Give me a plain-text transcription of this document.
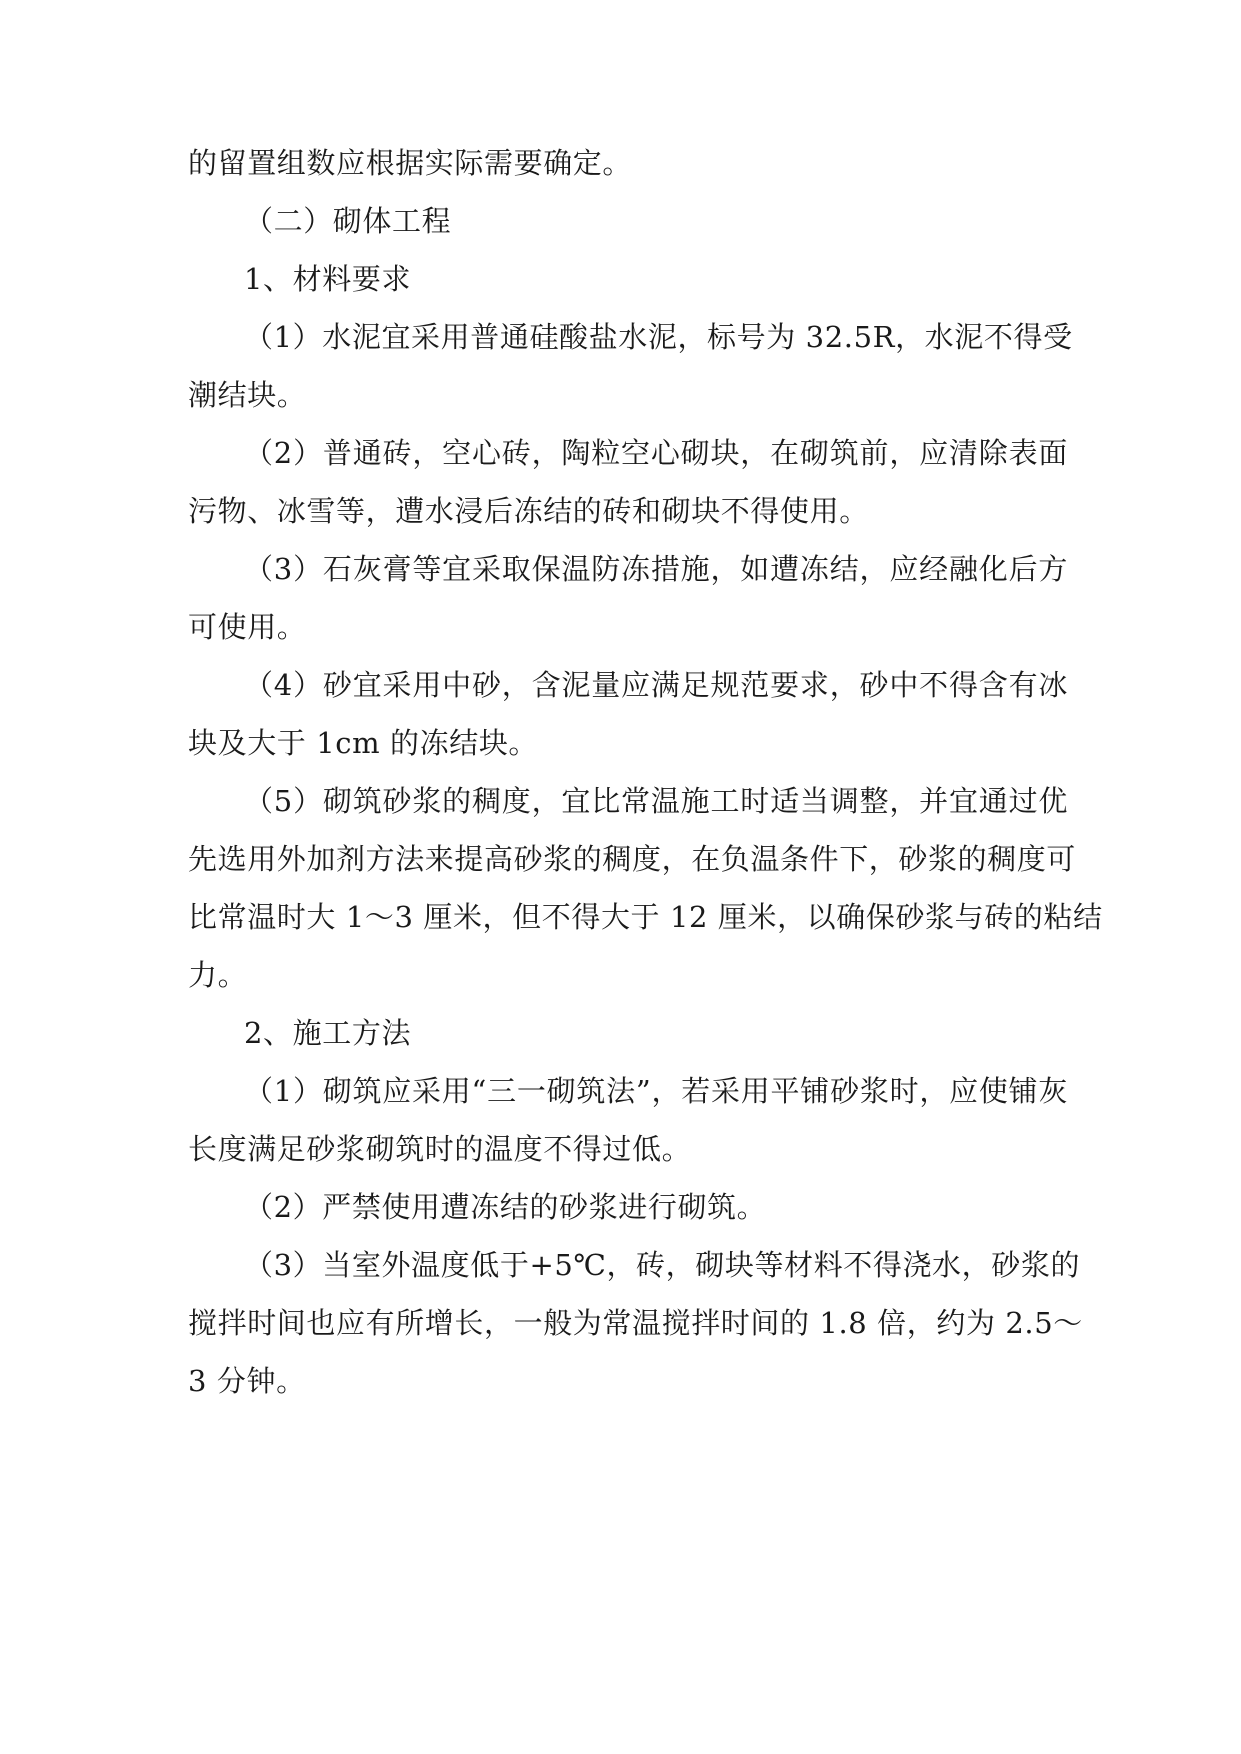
的留置组数应根据实际需要确定。
（二）砌体工程
1、材料要求
（1）水泥宜采用普通硅酸盐水泥，标号为 32.5R，水泥不得受
潮结块。
（2）普通砖，空心砖，陶粒空心砌块，在砌筑前，应清除表面
污物、冰雪等，遭水浸后冻结的砖和砌块不得使用。
（3）石灰膏等宜采取保温防冻措施，如遭冻结，应经融化后方
可使用。
（4）砂宜采用中砂，含泥量应满足规范要求，砂中不得含有冰
块及大于 1cm 的冻结块。
（5）砌筑砂浆的稠度，宜比常温施工时适当调整，并宜通过优
先选用外加剂方法来提高砂浆的稠度，在负温条件下，砂浆的稠度可
比常温时大 1～3 厘米，但不得大于 12 厘米，以确保砂浆与砖的粘结
力。
2、施工方法
（1）砌筑应采用“三一砌筑法”，若采用平铺砂浆时，应使铺灰
长度满足砂浆砌筑时的温度不得过低。
（2）严禁使用遭冻结的砂浆进行砌筑。
（3）当室外温度低于+5℃，砖，砌块等材料不得浇水，砂浆的
搅拌时间也应有所增长，一般为常温搅拌时间的 1.8 倍，约为 2.5～
3 分钟。
